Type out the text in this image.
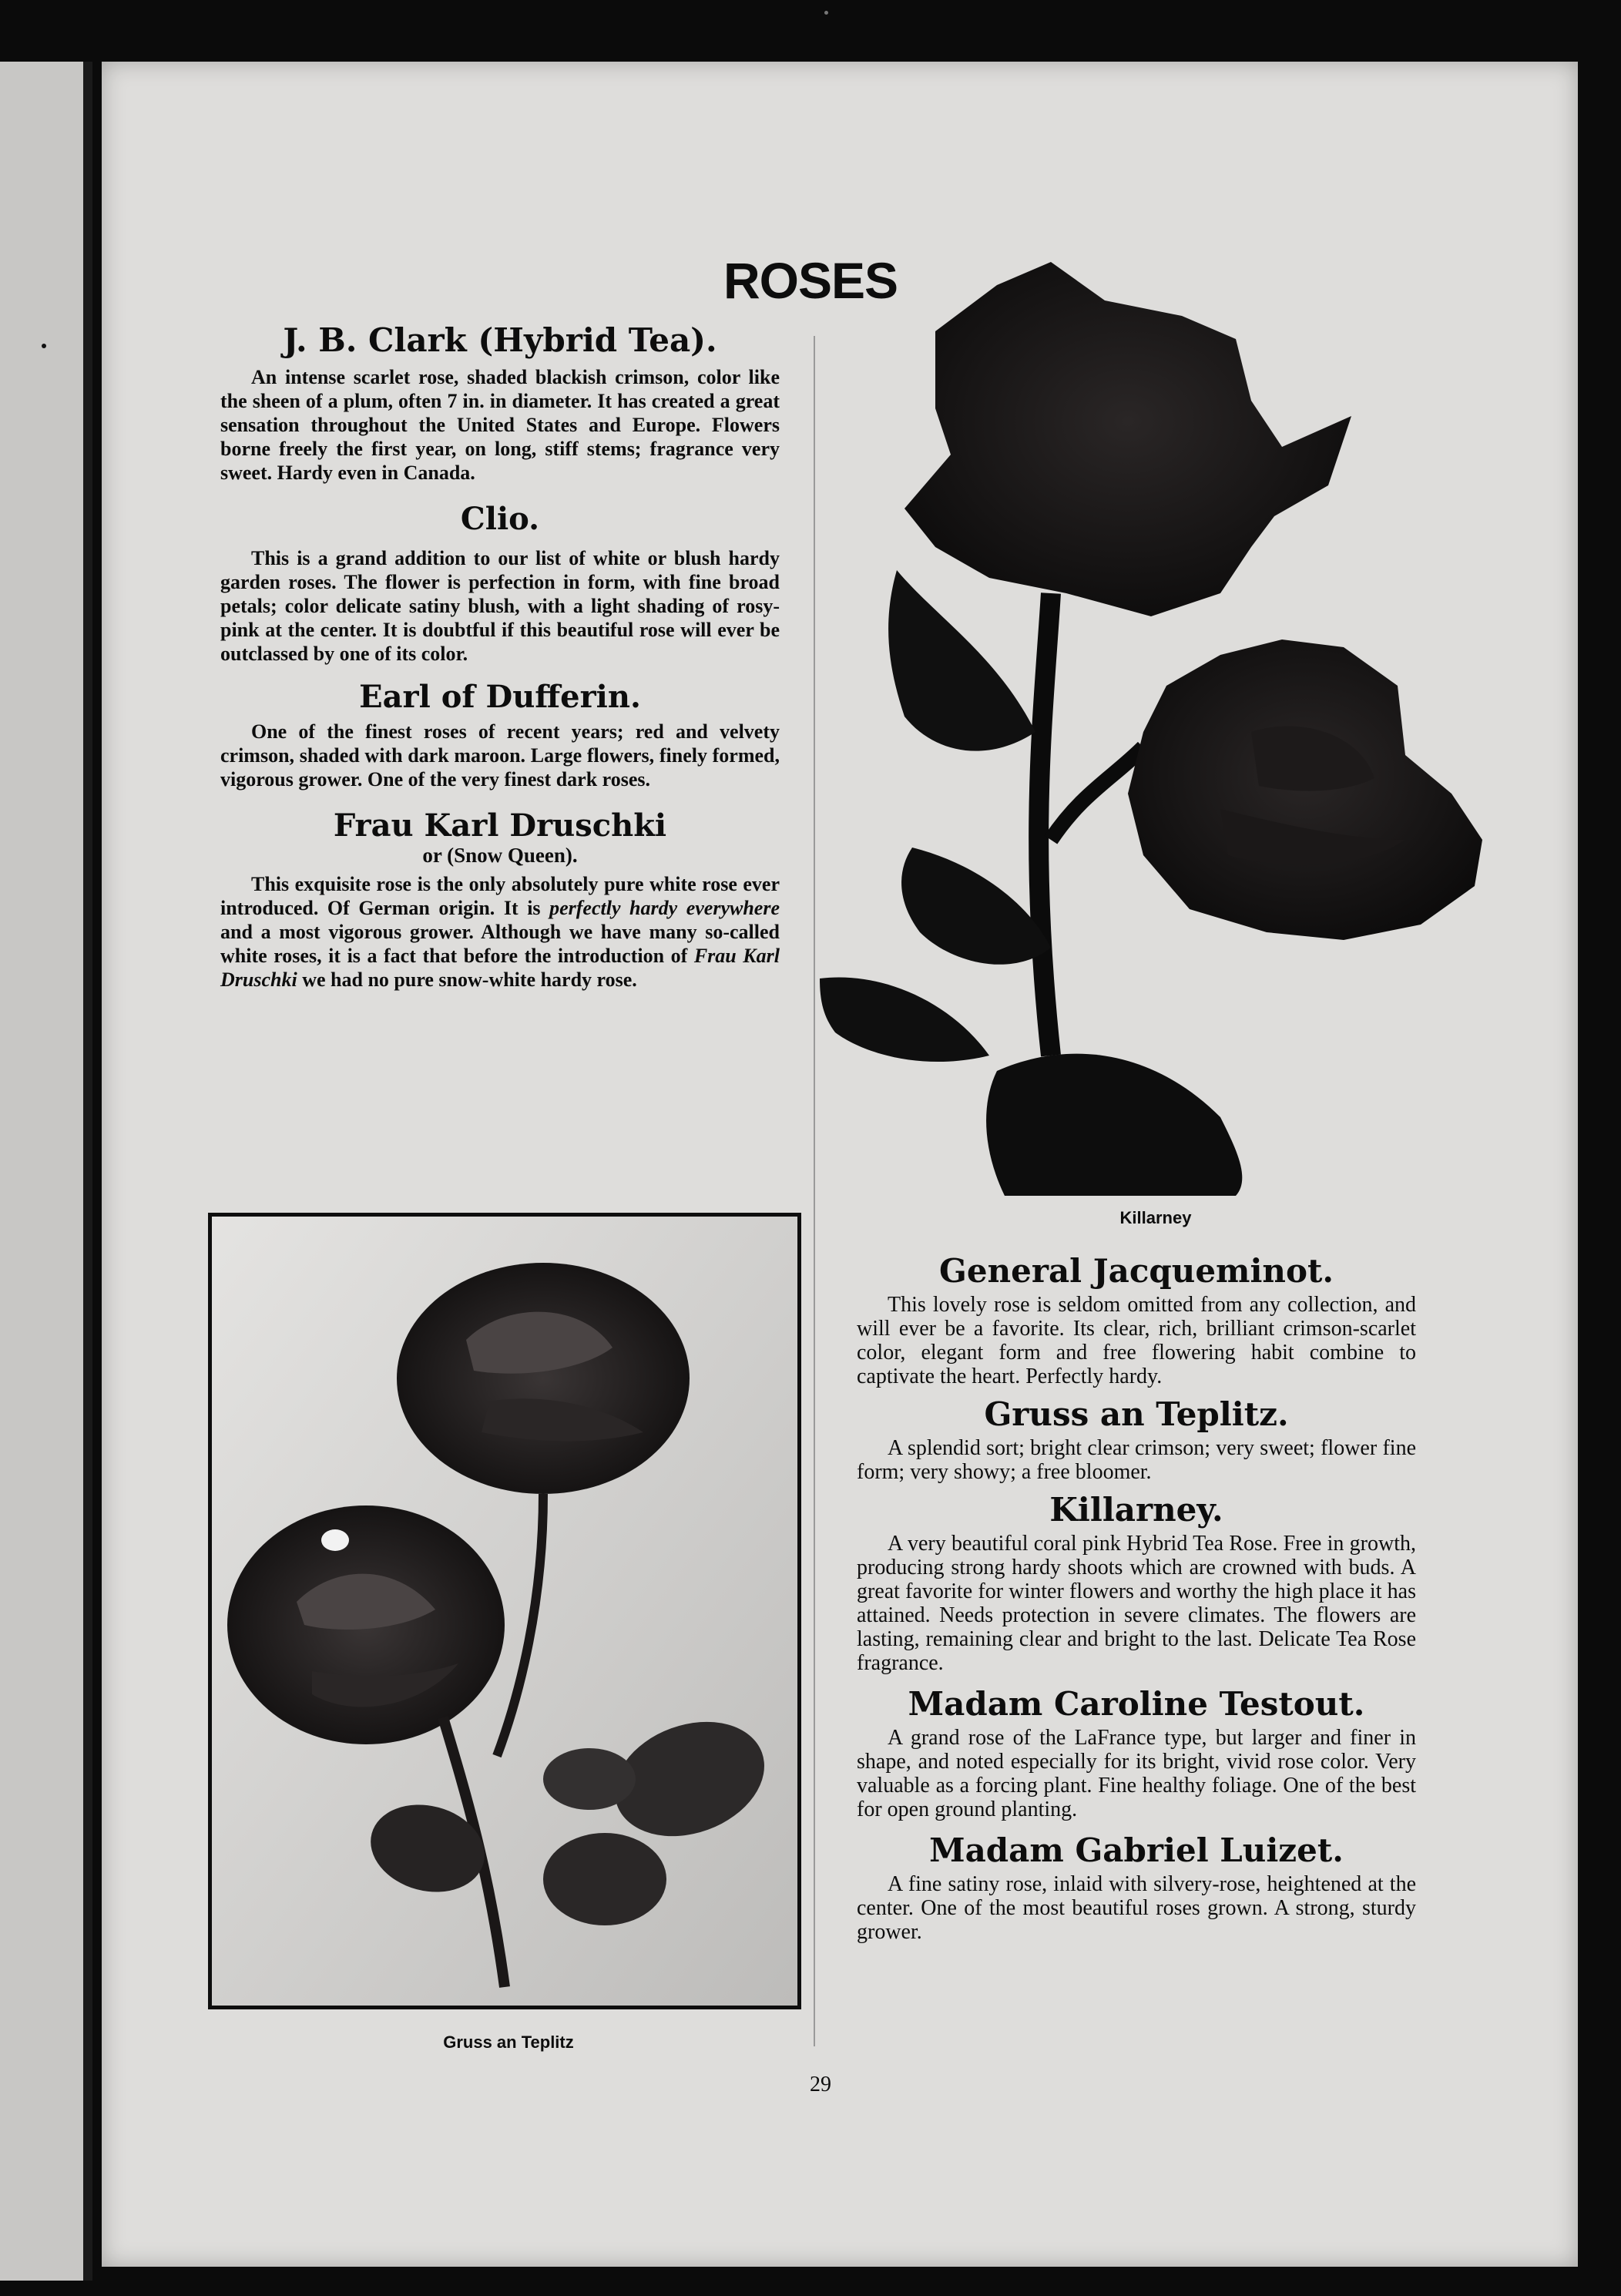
ROSES
J. B. Clark (Hybrid Tea).

An intense scarlet rose, shaded blackish crimson, color like the sheen of a plum, often 7 in. in diameter. It has created a great sensation throughout the United States and Europe. Flowers borne freely the first year, on long, stiff stems; fragrance very sweet. Hardy even in Canada.

Clio.

This is a grand addition to our list of white or blush hardy garden roses. The flower is perfection in form, with fine broad petals; color delicate satiny blush, with a light shading of rosy-pink at the center. It is doubtful if this beautiful rose will ever be outclassed by one of its color.

Earl of Dufferin.

One of the finest roses of recent years; red and velvety crimson, shaded with dark maroon. Large flowers, finely formed, vigorous grower. One of the very finest dark roses.

Frau Karl Druschki
or (Snow Queen).

This exquisite rose is the only absolutely pure white rose ever introduced. Of German origin. It is perfectly hardy everywhere and a most vigorous grower. Although we have many so-called white roses, it is a fact that before the introduction of Frau Karl Druschki we had no pure snow-white hardy rose.

Killarney
Gruss an Teplitz
General Jacqueminot.

This lovely rose is seldom omitted from any collection, and will ever be a favorite. Its clear, rich, brilliant crimson-scarlet color, elegant form and free flowering habit combine to captivate the heart. Perfectly hardy.

Gruss an Teplitz.

A splendid sort; bright clear crimson; very sweet; flower fine form; very showy; a free bloomer.

Killarney.

A very beautiful coral pink Hybrid Tea Rose. Free in growth, producing strong hardy shoots which are crowned with buds. A great favorite for winter flowers and worthy the high place it has attained. Needs protection in severe climates. The flowers are lasting, remaining clear and bright to the last. Delicate Tea Rose fragrance.

Madam Caroline Testout.

A grand rose of the LaFrance type, but larger and finer in shape, and noted especially for its bright, vivid rose color. Very valuable as a forcing plant. Fine healthy foliage. One of the best for open ground planting.

Madam Gabriel Luizet.

A fine satiny rose, inlaid with silvery-rose, heightened at the center. One of the most beautiful roses grown. A strong, sturdy grower.

29
